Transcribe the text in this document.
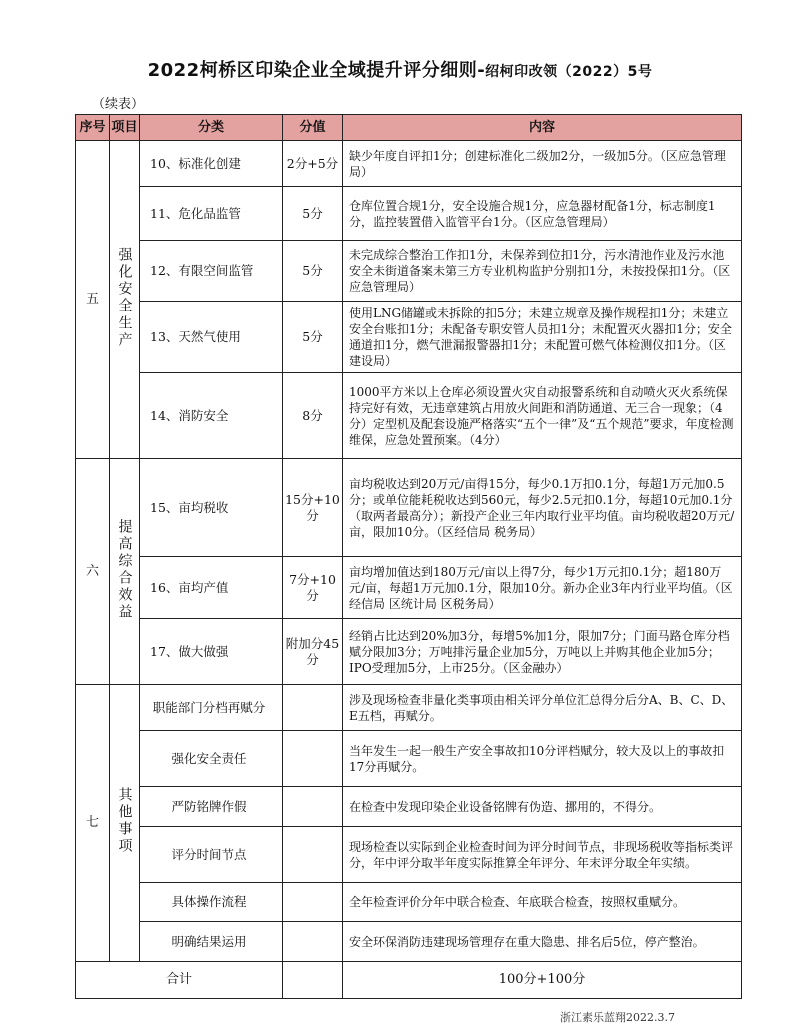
2022柯桥区印染企业全域提升评分细则-绍柯印改领（2022）5号
（续表）
序号	项目	分类	分值	内容
五	强化安全生产	10、标准化创建	2分+5分	缺少年度自评扣1分；创建标准化二级加2分，一级加5分。（区应急管理局）
		11、危化品监管	5分	仓库位置合规1分，安全设施合规1分，应急器材配备1分，标志制度1分，监控装置借入监管平台1分。（区应急管理局）
		12、有限空间监管	5分	未完成综合整治工作扣1分，未保养到位扣1分，污水清池作业及污水池安全未街道备案未第三方专业机构监护分别扣1分，未按投保扣1分。（区应急管理局）
		13、天然气使用	5分	使用LNG储罐或未拆除的扣5分；未建立规章及操作规程扣1分；未建立安全台账扣1分；未配备专职安管人员扣1分；未配置灭火器扣1分；安全通道扣1分，燃气泄漏报警器扣1分；未配置可燃气体检测仪扣1分。（区建设局）
		14、消防安全	8分	1000平方米以上仓库必须设置火灾自动报警系统和自动喷火灭火系统保持完好有效，无违章建筑占用放火间距和消防通道、无三合一现象；（4分）定型机及配套设施严格落实“五个一律”及“五个规范”要求，年度检测维保，应急处置预案。（4分）
六	提高综合效益	15、亩均税收	15分+10分	亩均税收达到20万元/亩得15分，每少0.1万扣0.1分，每超1万元加0.5分；或单位能耗税收达到560元，每少2.5元扣0.1分，每超10元加0.1分（取两者最高分）；新投产企业三年内取行业平均值。亩均税收超20万元/亩，限加10分。（区经信局 税务局）
		16、亩均产值	7分+10分	亩均增加值达到180万元/亩以上得7分，每少1万元扣0.1分；超180万元/亩，每超1万元加0.1分，限加10分。新办企业3年内行业平均值。（区经信局 区统计局 区税务局）
		17、做大做强	附加分45分	经销占比达到20%加3分，每增5%加1分，限加7分；门面马路仓库分档赋分限加3分；万吨排污量企业加5分，万吨以上并购其他企业加5分；IPO受理加5分，上市25分。（区金融办）
七	其他事项	职能部门分档再赋分		涉及现场检查非量化类事项由相关评分单位汇总得分后分A、B、C、D、E五档，再赋分。
		强化安全责任		当年发生一起一般生产安全事故扣10分评档赋分，较大及以上的事故扣17分再赋分。
		严防铭牌作假		在检查中发现印染企业设备铭牌有伪造、挪用的，不得分。
		评分时间节点		现场检查以实际到企业检查时间为评分时间节点，非现场税收等指标类评分，年中评分取半年度实际推算全年评分、年末评分取全年实绩。
		具体操作流程		全年检查评价分年中联合检查、年底联合检查，按照权重赋分。
		明确结果运用		安全环保消防违建现场管理存在重大隐患、排名后5位，停产整治。
合计				100分+100分
浙江素乐蓝翔2022.3.7
